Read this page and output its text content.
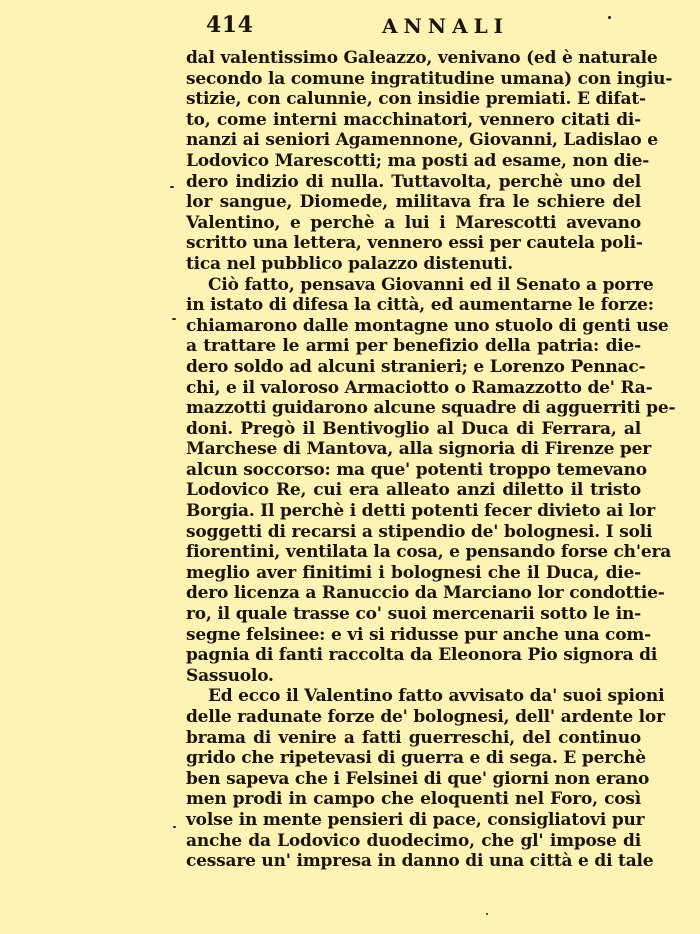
414	ANNALI
dal valentissimo Galeazzo, venivano (ed è naturale
secondo la comune ingratitudine umana) con ingiu-
stizie, con calunnie, con insidie premiati. E difat-
to, come interni macchinatori, vennero citati di-
nanzi ai seniori Agamennone, Giovanni, Ladislao e
Lodovico Marescotti; ma posti ad esame, non die-
dero indizio di nulla. Tuttavolta, perchè uno del
lor sangue, Diomede, militava fra le schiere del
Valentino, e perchè a lui i Marescotti avevano
scritto una lettera, vennero essi per cautela poli-
tica nel pubblico palazzo distenuti.
Ciò fatto, pensava Giovanni ed il Senato a porre
in istato di difesa la città, ed aumentarne le forze:
chiamarono dalle montagne uno stuolo di genti use
a trattare le armi per benefizio della patria: die-
dero soldo ad alcuni stranieri; e Lorenzo Pennac-
chi, e il valoroso Armaciotto o Ramazzotto de' Ra-
mazzotti guidarono alcune squadre di agguerriti pe-
doni. Pregò il Bentivoglio al Duca di Ferrara, al
Marchese di Mantova, alla signoria di Firenze per
alcun soccorso: ma que' potenti troppo temevano
Lodovico Re, cui era alleato anzi diletto il tristo
Borgia. Il perchè i detti potenti fecer divieto ai lor
soggetti di recarsi a stipendio de' bolognesi. I soli
fiorentini, ventilata la cosa, e pensando forse ch'era
meglio aver finitimi i bolognesi che il Duca, die-
dero licenza a Ranuccio da Marciano lor condottie-
ro, il quale trasse co' suoi mercenarii sotto le in-
segne felsinee: e vi si ridusse pur anche una com-
pagnia di fanti raccolta da Eleonora Pio signora di
Sassuolo.
Ed ecco il Valentino fatto avvisato da' suoi spioni
delle radunate forze de' bolognesi, dell' ardente lor
brama di venire a fatti guerreschi, del continuo
grido che ripetevasi di guerra e di sega. E perchè
ben sapeva che i Felsinei di que' giorni non erano
men prodi in campo che eloquenti nel Foro, così
volse in mente pensieri di pace, consigliatovi pur
anche da Lodovico duodecimo, che gl' impose di
cessare un' impresa in danno di una città e di tale
